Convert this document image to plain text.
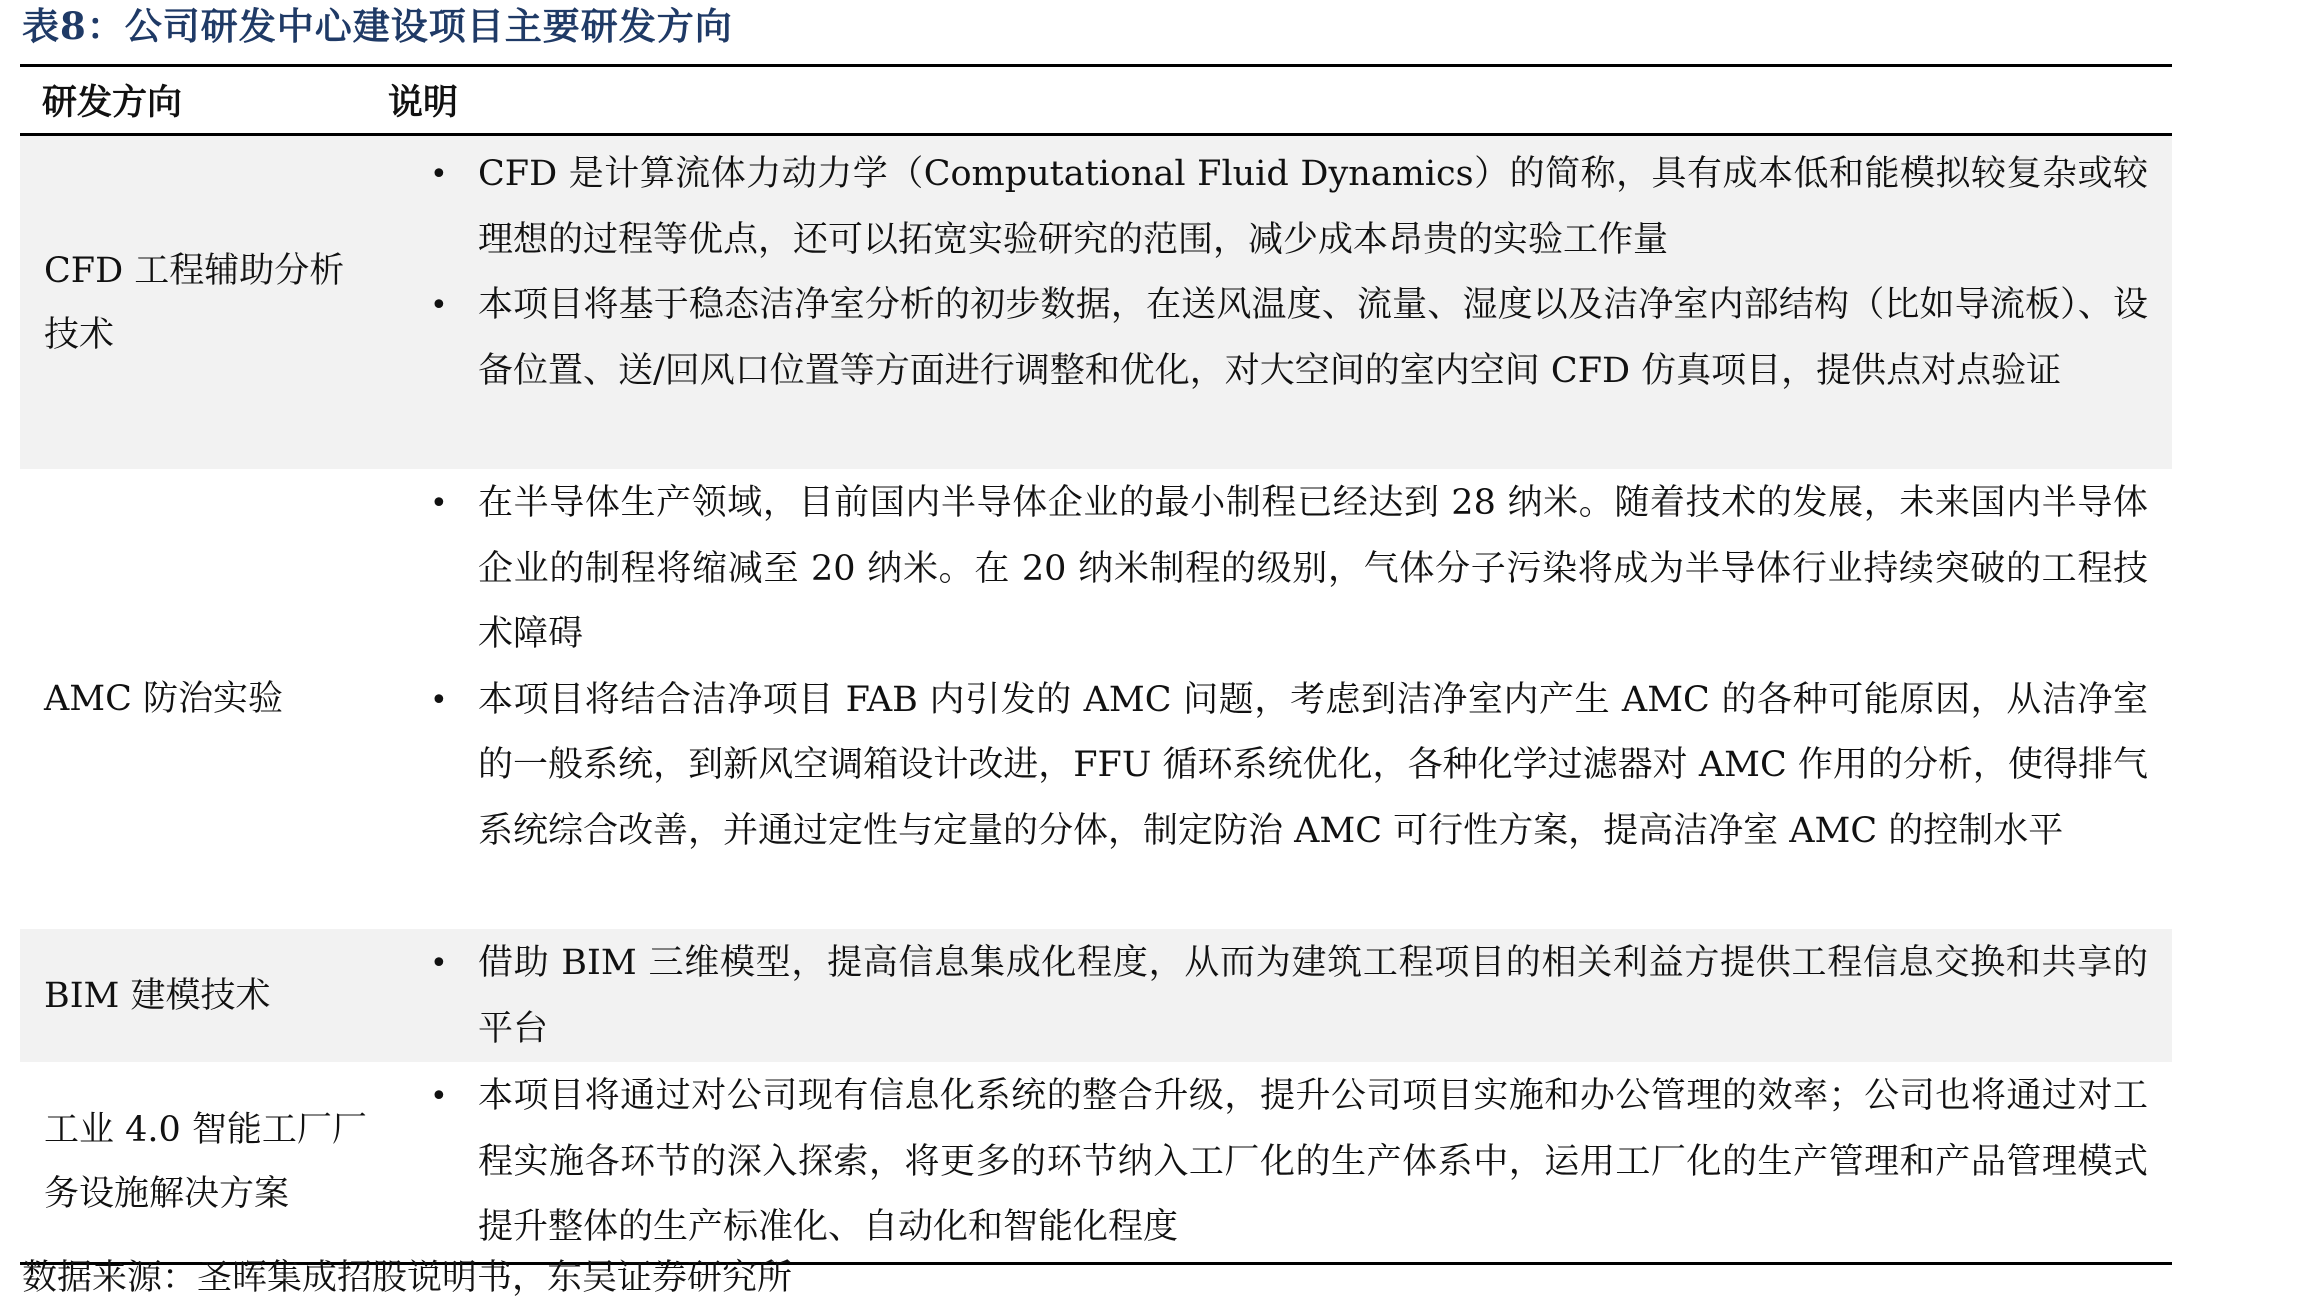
表8：公司研发中心建设项目主要研发方向
研发方向	说明
CFD 工程辅助分析技术
• CFD 是计算流体力动力学（Computational Fluid Dynamics）的简称，具有成本低和能模拟较复杂或较理想的过程等优点，还可以拓宽实验研究的范围，减少成本昂贵的实验工作量
• 本项目将基于稳态洁净室分析的初步数据，在送风温度、流量、湿度以及洁净室内部结构（比如导流板）、设备位置、送/回风口位置等方面进行调整和优化，对大空间的室内空间 CFD 仿真项目，提供点对点验证
AMC 防治实验
• 在半导体生产领域，目前国内半导体企业的最小制程已经达到 28 纳米。随着技术的发展，未来国内半导体企业的制程将缩减至 20 纳米。在 20 纳米制程的级别，气体分子污染将成为半导体行业持续突破的工程技术障碍
• 本项目将结合洁净项目 FAB 内引发的 AMC 问题，考虑到洁净室内产生 AMC 的各种可能原因，从洁净室的一般系统，到新风空调箱设计改进，FFU 循环系统优化，各种化学过滤器对 AMC 作用的分析，使得排气系统综合改善，并通过定性与定量的分体，制定防治 AMC 可行性方案，提高洁净室 AMC 的控制水平
BIM 建模技术
• 借助 BIM 三维模型，提高信息集成化程度，从而为建筑工程项目的相关利益方提供工程信息交换和共享的平台
工业 4.0 智能工厂厂务设施解决方案
• 本项目将通过对公司现有信息化系统的整合升级，提升公司项目实施和办公管理的效率；公司也将通过对工程实施各环节的深入探索，将更多的环节纳入工厂化的生产体系中，运用工厂化的生产管理和产品管理模式提升整体的生产标准化、自动化和智能化程度
数据来源：圣晖集成招股说明书，东吴证券研究所
